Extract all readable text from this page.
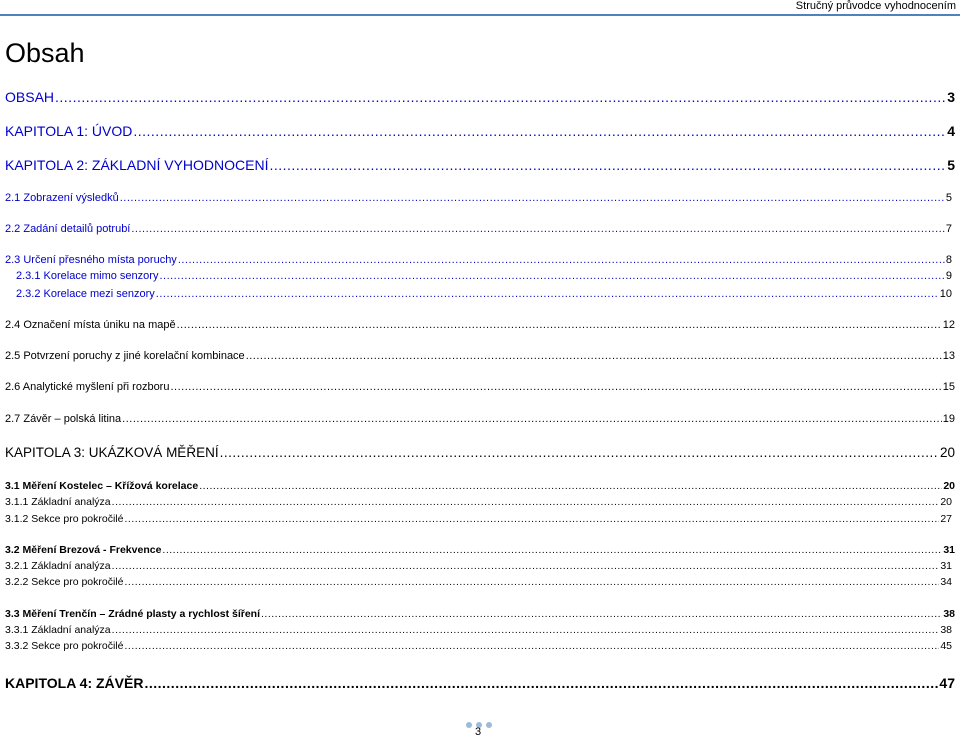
Stručný průvodce vyhodnocením
Obsah
OBSAH .....	3
KAPITOLA 1: ÚVOD .....	4
KAPITOLA 2: ZÁKLADNÍ VYHODNOCENÍ .....	5
2.1 Zobrazení výsledků .....	5
2.2 Zadání detailů potrubí .....	7
2.3 Určení přesného místa poruchy .....	8
2.3.1 Korelace mimo senzory .....	9
2.3.2 Korelace mezi senzory .....	10
2.4 Označení místa úniku na mapě .....	12
2.5 Potvrzení poruchy z jiné korelační kombinace .....	13
2.6 Analytické myšlení při rozboru .....	15
2.7 Závěr – polská litina .....	19
KAPITOLA 3: UKÁZKOVÁ MĚŘENÍ .....	20
3.1 Měření Kostelec – Křížová korelace .....	20
3.1.1 Základní analýza .....	20
3.1.2 Sekce pro pokročilé .....	27
3.2 Měření Brezová - Frekvence .....	31
3.2.1 Základní analýza .....	31
3.2.2 Sekce pro pokročilé .....	34
3.3 Měření Trenčín – Zrádné plasty a rychlost šíření .....	38
3.3.1 Základní analýza .....	38
3.3.2 Sekce pro pokročilé .....	45
KAPITOLA 4: ZÁVĚR .....	47
3
